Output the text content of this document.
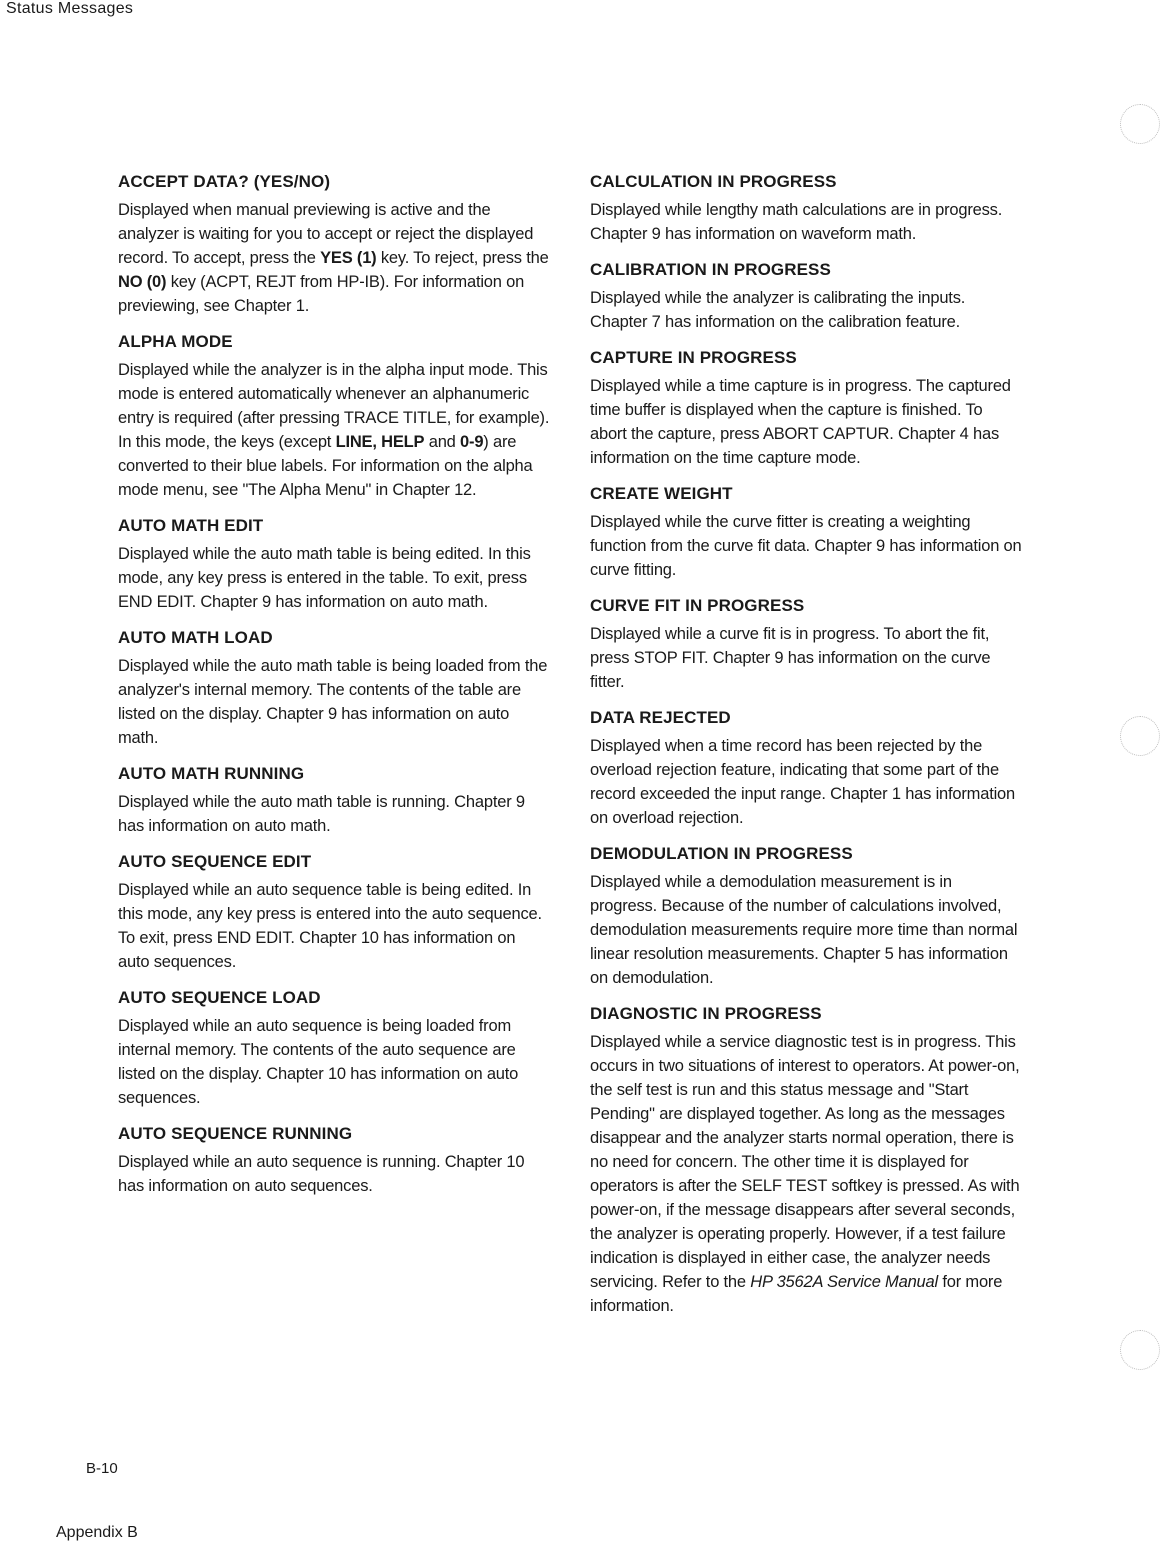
Status Messages
ACCEPT DATA? (YES/NO)

Displayed when manual previewing is active and the analyzer is waiting for you to accept or reject the displayed record. To accept, press the YES (1) key. To reject, press the NO (0) key (ACPT, REJT from HP-IB). For information on previewing, see Chapter 1.

ALPHA MODE

Displayed while the analyzer is in the alpha input mode. This mode is entered automatically whenever an alphanumeric entry is required (after pressing TRACE TITLE, for example). In this mode, the keys (except LINE, HELP and 0-9) are converted to their blue labels. For information on the alpha mode menu, see "The Alpha Menu" in Chapter 12.

AUTO MATH EDIT

Displayed while the auto math table is being edited. In this mode, any key press is entered in the table. To exit, press END EDIT. Chapter 9 has information on auto math.

AUTO MATH LOAD

Displayed while the auto math table is being loaded from the analyzer's internal memory. The contents of the table are listed on the display. Chapter 9 has information on auto math.

AUTO MATH RUNNING

Displayed while the auto math table is running. Chapter 9 has information on auto math.

AUTO SEQUENCE EDIT

Displayed while an auto sequence table is being edited. In this mode, any key press is entered into the auto sequence. To exit, press END EDIT. Chapter 10 has information on auto sequences.

AUTO SEQUENCE LOAD

Displayed while an auto sequence is being loaded from internal memory. The contents of the auto sequence are listed on the display. Chapter 10 has information on auto sequences.

AUTO SEQUENCE RUNNING

Displayed while an auto sequence is running. Chapter 10 has information on auto sequences.

CALCULATION IN PROGRESS

Displayed while lengthy math calculations are in progress. Chapter 9 has information on waveform math.

CALIBRATION IN PROGRESS

Displayed while the analyzer is calibrating the inputs. Chapter 7 has information on the calibration feature.

CAPTURE IN PROGRESS

Displayed while a time capture is in progress. The captured time buffer is displayed when the capture is finished. To abort the capture, press ABORT CAPTUR. Chapter 4 has information on the time capture mode.

CREATE WEIGHT

Displayed while the curve fitter is creating a weighting function from the curve fit data. Chapter 9 has information on curve fitting.

CURVE FIT IN PROGRESS

Displayed while a curve fit is in progress. To abort the fit, press STOP FIT. Chapter 9 has information on the curve fitter.

DATA REJECTED

Displayed when a time record has been rejected by the overload rejection feature, indicating that some part of the record exceeded the input range. Chapter 1 has information on overload rejection.

DEMODULATION IN PROGRESS

Displayed while a demodulation measurement is in progress. Because of the number of calculations involved, demodulation measurements require more time than normal linear resolution measurements. Chapter 5 has information on demodulation.

DIAGNOSTIC IN PROGRESS

Displayed while a service diagnostic test is in progress. This occurs in two situations of interest to operators. At power-on, the self test is run and this status message and "Start Pending" are displayed together. As long as the messages disappear and the analyzer starts normal operation, there is no need for concern. The other time it is displayed for operators is after the SELF TEST softkey is pressed. As with power-on, if the message disappears after several seconds, the analyzer is operating properly. However, if a test failure indication is displayed in either case, the analyzer needs servicing. Refer to the HP 3562A Service Manual for more information.

B-10
Appendix B
